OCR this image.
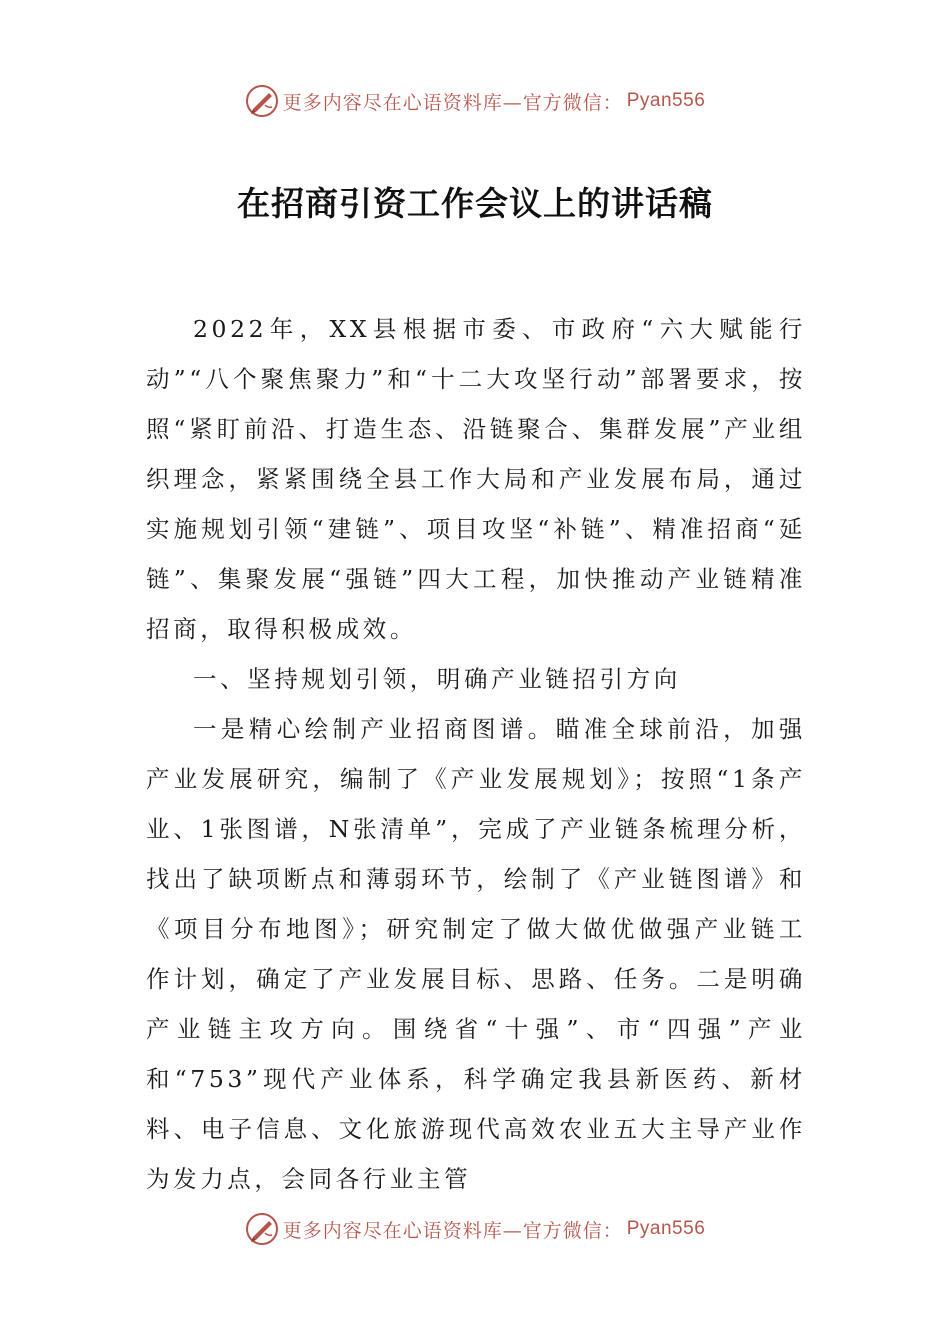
更多内容尽在心语资料库—官方微信： Pyan556
在招商引资工作会议上的讲话稿

2022年，XX县根据市委、市政府“六大赋能行动”“八个聚焦聚力”和“十二大攻坚行动”部署要求，按照“紧盯前沿、打造生态、沿链聚合、集群发展”产业组织理念，紧紧围绕全县工作大局和产业发展布局，通过实施规划引领“建链”、项目攻坚“补链”、精准招商“延链”、集聚发展“强链”四大工程，加快推动产业链精准招商，取得积极成效。

一、坚持规划引领，明确产业链招引方向

一是精心绘制产业招商图谱。瞄准全球前沿，加强产业发展研究，编制了《产业发展规划》；按照“1条产业、1张图谱，N张清单”，完成了产业链条梳理分析，找出了缺项断点和薄弱环节，绘制了《产业链图谱》和《项目分布地图》；研究制定了做大做优做强产业链工作计划，确定了产业发展目标、思路、任务。二是明确产业链主攻方向。围绕省“十强”、市“四强”产业和“753”现代产业体系，科学确定我县新医药、新材料、电子信息、文化旅游现代高效农业五大主导产业作为发力点，会同各行业主管

更多内容尽在心语资料库—官方微信： Pyan556
